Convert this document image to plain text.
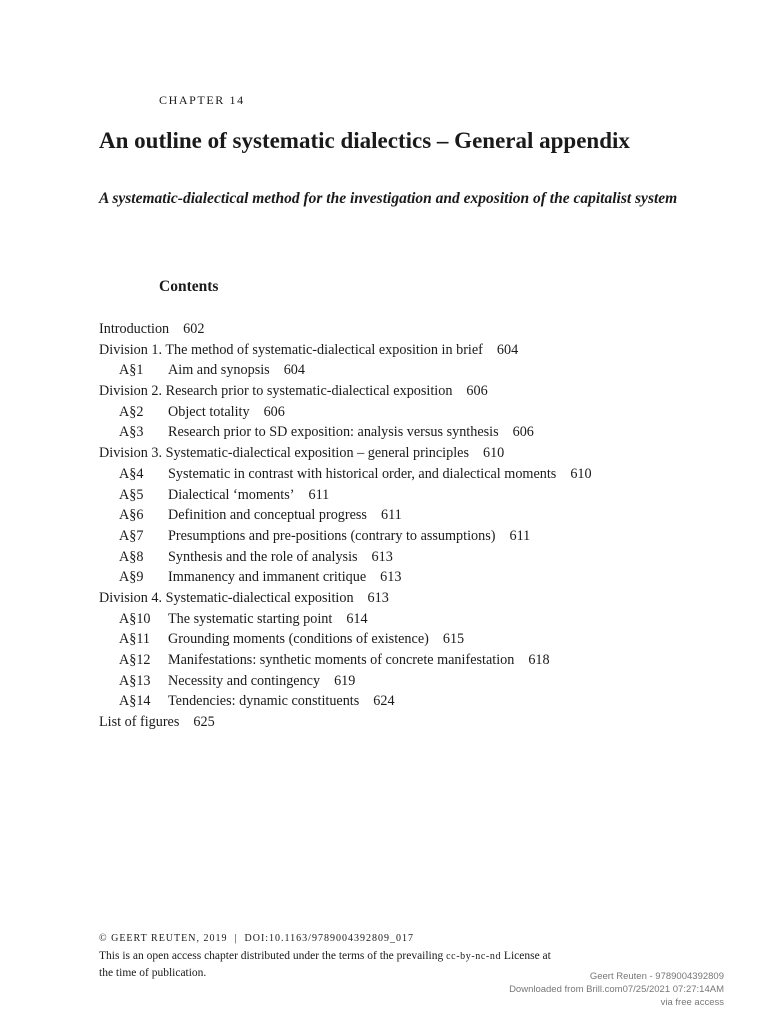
CHAPTER 14
An outline of systematic dialectics – General appendix
A systematic-dialectical method for the investigation and exposition of the capitalist system
Contents
Introduction 602
Division 1. The method of systematic-dialectical exposition in brief 604
A§1 Aim and synopsis 604
Division 2. Research prior to systematic-dialectical exposition 606
A§2 Object totality 606
A§3 Research prior to SD exposition: analysis versus synthesis 606
Division 3. Systematic-dialectical exposition – general principles 610
A§4 Systematic in contrast with historical order, and dialectical moments 610
A§5 Dialectical ‘moments’ 611
A§6 Definition and conceptual progress 611
A§7 Presumptions and pre-positions (contrary to assumptions) 611
A§8 Synthesis and the role of analysis 613
A§9 Immanency and immanent critique 613
Division 4. Systematic-dialectical exposition 613
A§10 The systematic starting point 614
A§11 Grounding moments (conditions of existence) 615
A§12 Manifestations: synthetic moments of concrete manifestation 618
A§13 Necessity and contingency 619
A§14 Tendencies: dynamic constituents 624
List of figures 625
© GEERT REUTEN, 2019 | DOI:10.1163/9789004392809_017
This is an open access chapter distributed under the terms of the prevailing cc-by-nc-nd License at
the time of publication.	Geert Reuten - 9789004392809
Downloaded from Brill.com07/25/2021 07:27:14AM
via free access
